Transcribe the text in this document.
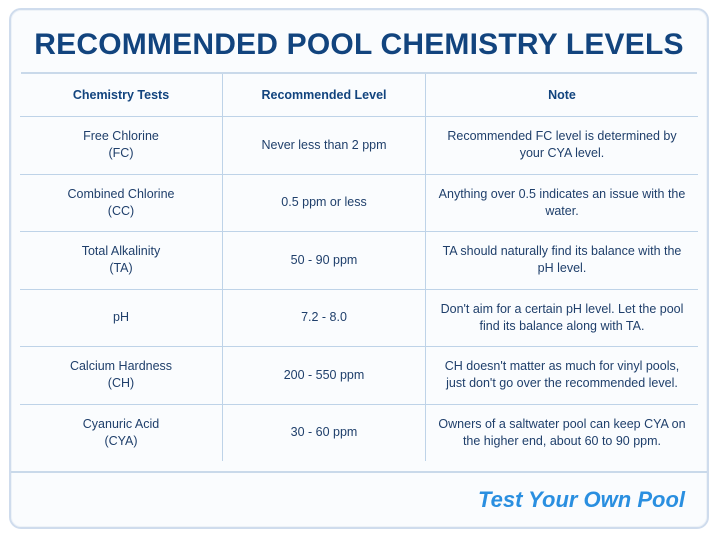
RECOMMENDED POOL CHEMISTRY LEVELS
Chemistry Tests	Recommended Level	Note

Free Chlorine
(FC)	Never less than 2 ppm	Recommended FC level is determined by your CYA level.

Combined Chlorine
(CC)	0.5 ppm or less	Anything over 0.5 indicates an issue with the water.

Total Alkalinity
(TA)	50 - 90 ppm	TA should naturally find its balance with the pH level.
pH	7.2 - 8.0	Don't aim for a certain pH level. Let the pool find its balance along with TA.

Calcium Hardness
(CH)	200 - 550 ppm	CH doesn't matter as much for vinyl pools, just don't go over the recommended level.

Cyanuric Acid
(CYA)	30 - 60 ppm	Owners of a saltwater pool can keep CYA on the higher end, about 60 to 90 ppm.
Test Your Own Pool
